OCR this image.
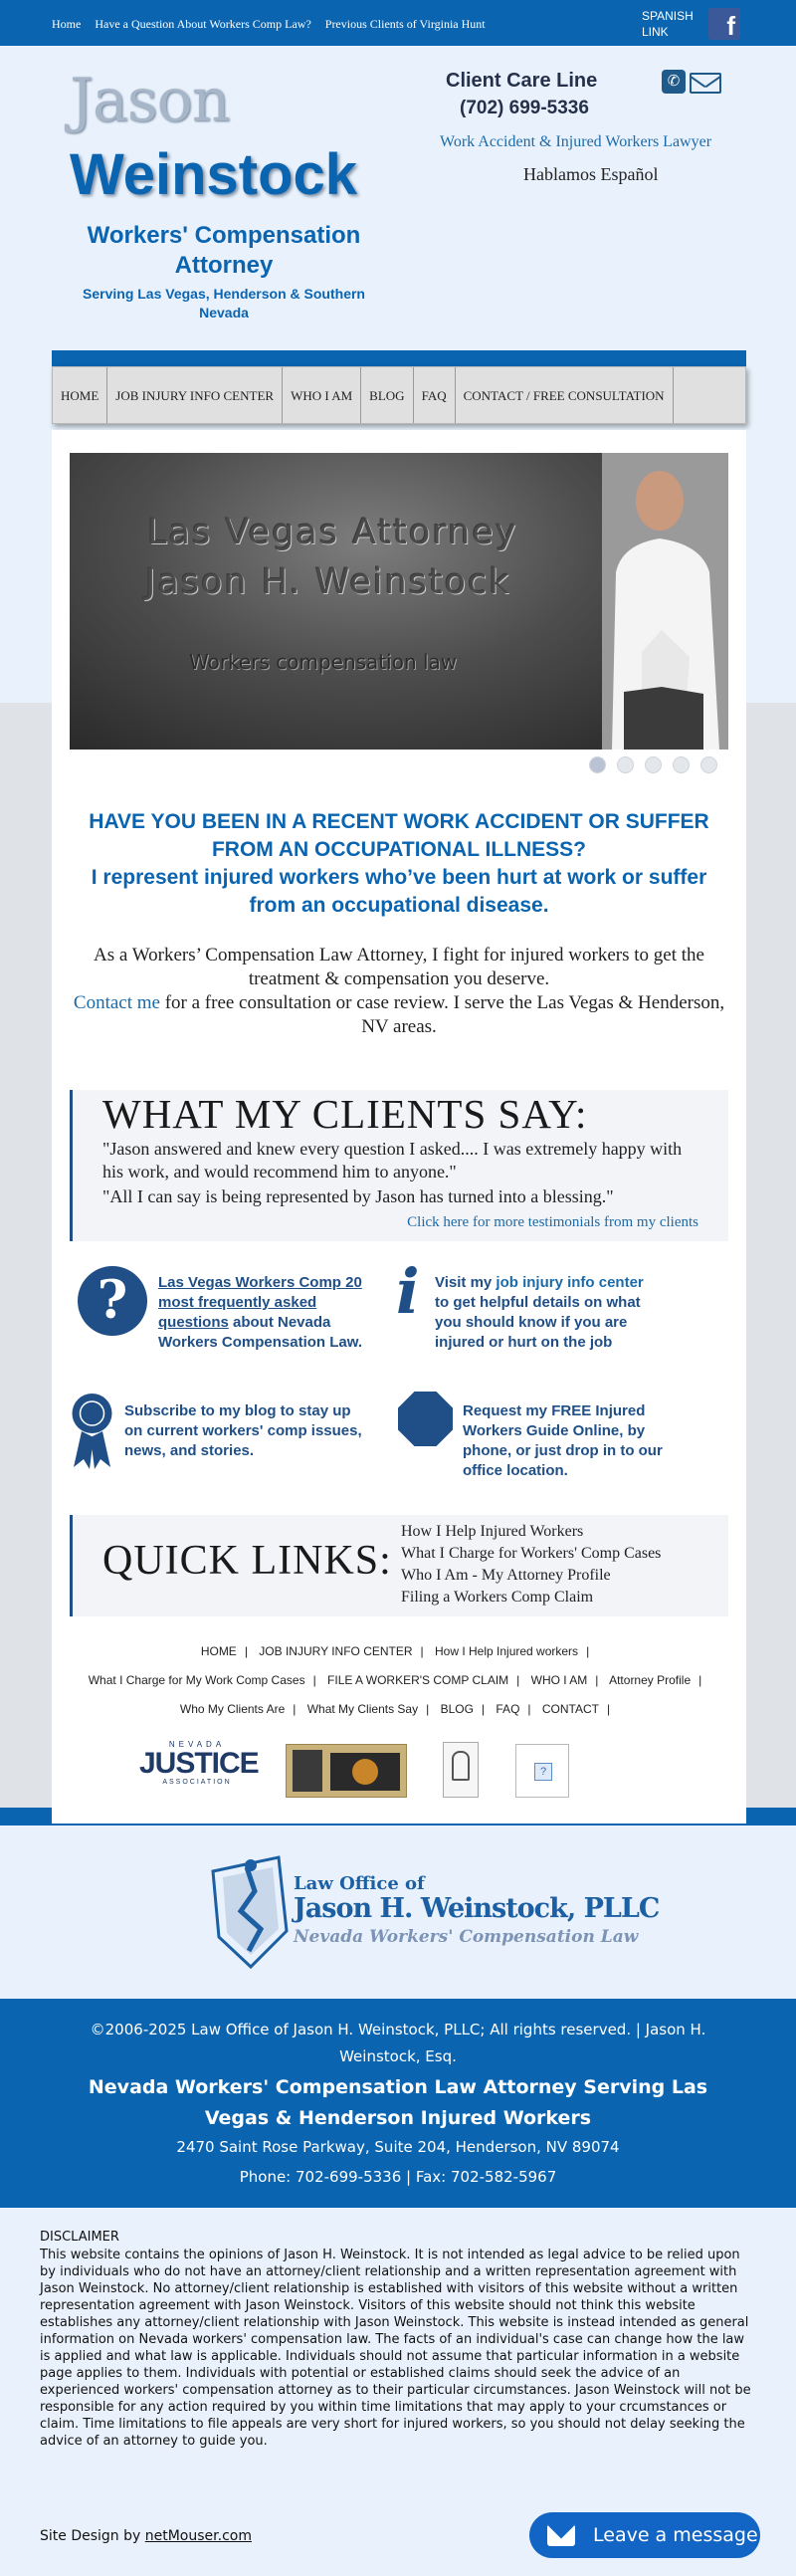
Home Have a Question About Workers Comp Law? Previous Clients of Virginia Hunt
SPANISH LINK	f
Jason
Weinstock
Workers' Compensation Attorney
Serving Las Vegas, Henderson & Southern Nevada
Client Care Line
(702) 699-5336
✆
Work Accident & Injured Workers Lawyer
Hablamos Español
HOME	JOB INJURY INFO CENTER	WHO I AM	BLOG	FAQ	CONTACT / FREE CONSULTATION
Las Vegas Attorney
Jason H. Weinstock
Workers compensation law
HAVE YOU BEEN IN A RECENT WORK ACCIDENT OR SUFFER FROM AN OCCUPATIONAL ILLNESS?
I represent injured workers who’ve been hurt at work or suffer from an occupational disease.
As a Workers’ Compensation Law Attorney, I fight for injured workers to get the treatment & compensation you deserve.
Contact me for a free consultation or case review. I serve the Las Vegas & Henderson, NV areas.
WHAT MY CLIENTS SAY:
"Jason answered and knew every question I asked.... I was extremely happy with his work, and would recommend him to anyone."
"All I can say is being represented by Jason has turned into a blessing."
Click here for more testimonials from my clients
?	Las Vegas Workers Comp 20 most frequently asked questions about Nevada Workers Compensation Law.
i	Visit my job injury info center to get helpful details on what you should know if you are injured or hurt on the job
Subscribe to my blog to stay up on current workers' comp issues, news, and stories.
Request my FREE Injured Workers Guide Online, by phone, or just drop in to our office location.
QUICK LINKS:
How I Help Injured Workers
What I Charge for Workers' Comp Cases
Who I Am - My Attorney Profile
Filing a Workers Comp Claim
HOME | JOB INJURY INFO CENTER | How I Help Injured workers |
What I Charge for My Work Comp Cases | FILE A WORKER'S COMP CLAIM | WHO I AM | Attorney Profile |
Who My Clients Are | What My Clients Say | BLOG | FAQ | CONTACT |
NEVADA
JUSTICE
ASSOCIATION
?
Law Office of
Jason H. Weinstock, PLLC
Nevada Workers' Compensation Law
©2006-2025 Law Office of Jason H. Weinstock, PLLC; All rights reserved. | Jason H. Weinstock, Esq.
Nevada Workers' Compensation Law Attorney Serving Las Vegas & Henderson Injured Workers
2470 Saint Rose Parkway, Suite 204, Henderson, NV 89074
Phone: 702-699-5336 | Fax: 702-582-5967
DISCLAIMER
This website contains the opinions of Jason H. Weinstock. It is not intended as legal advice to be relied upon by individuals who do not have an attorney/client relationship and a written representation agreement with Jason Weinstock. No attorney/client relationship is established with visitors of this website without a written representation agreement with Jason Weinstock. Visitors of this website should not think this website establishes any attorney/client relationship with Jason Weinstock. This website is instead intended as general information on Nevada workers' compensation law. The facts of an individual's case can change how the law is applied and what law is applicable. Individuals should not assume that particular information in a website page applies to them. Individuals with potential or established claims should seek the advice of an experienced workers' compensation attorney as to their particular circumstances. Jason Weinstock will not be responsible for any action required by you within time limitations that may apply to your crcumstances or claim. Time limitations to file appeals are very short for injured workers, so you should not delay seeking the advice of an attorney to guide you.
Site Design by netMouser.com	Leave a message
